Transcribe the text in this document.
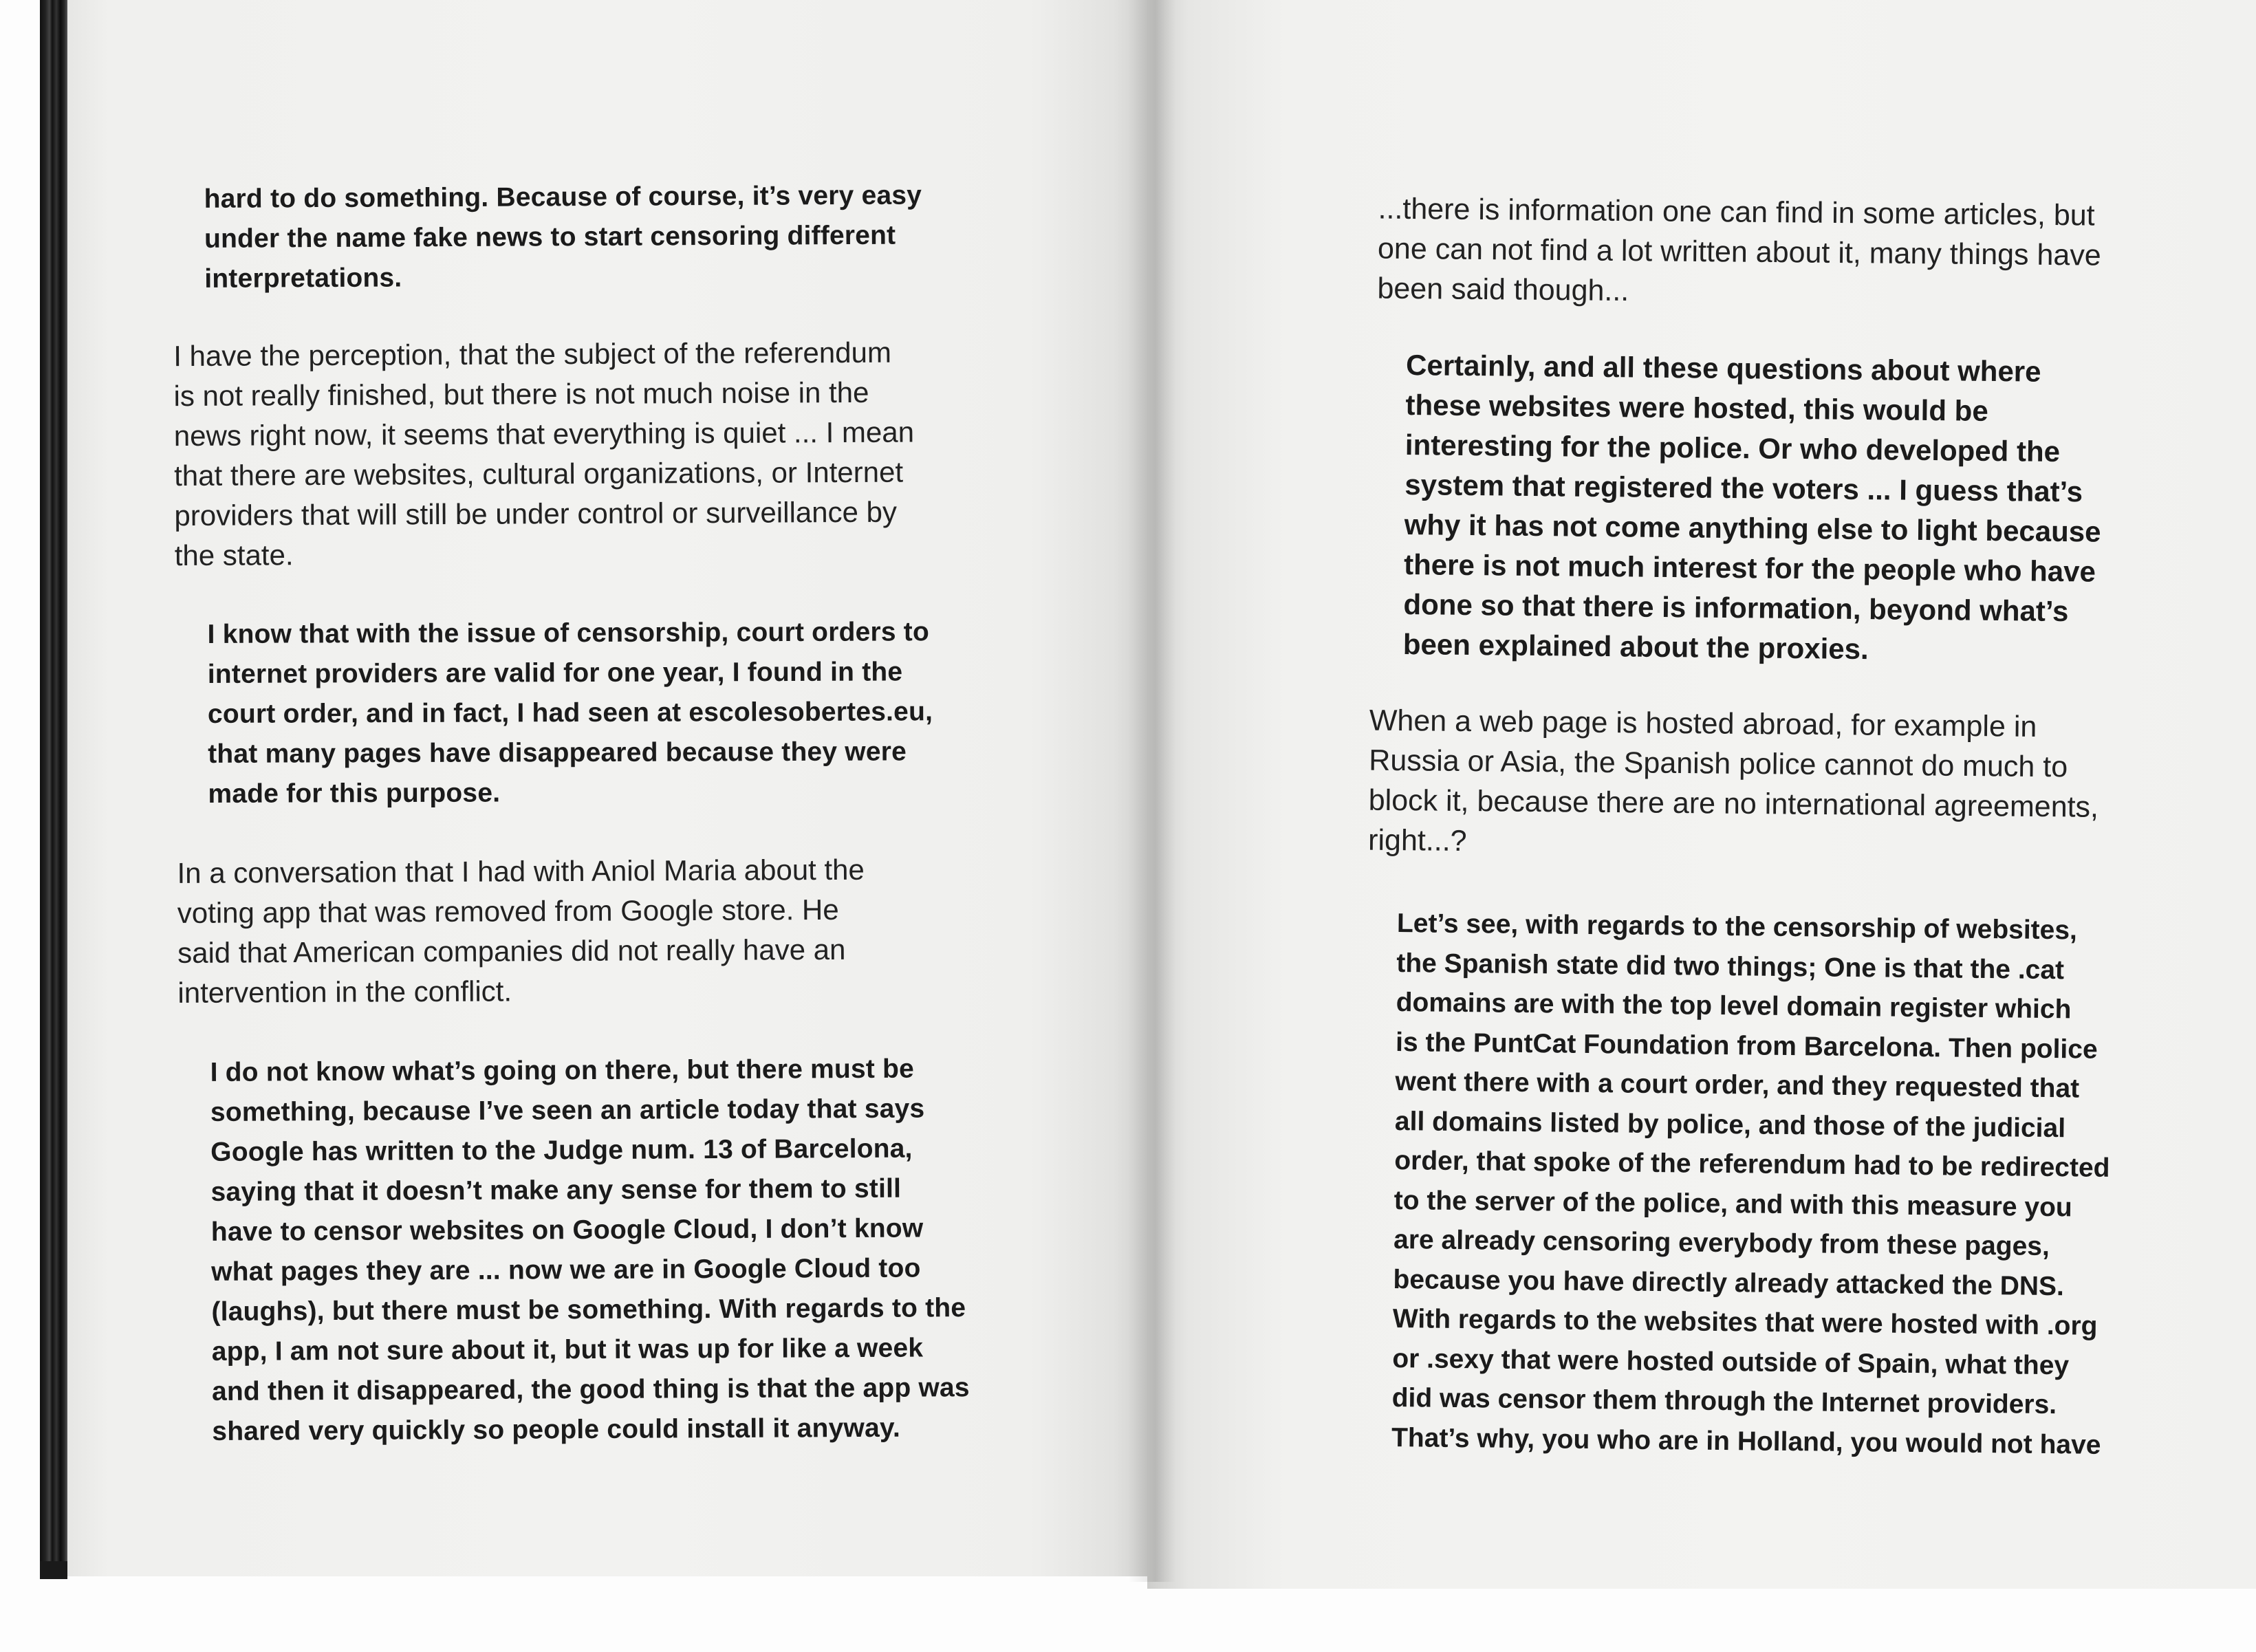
hard to do something. Because of course, it’s very easy
under the name fake news to start censoring different
interpretations.
I have the perception, that the subject of the referendum
is not really finished, but there is not much noise in the
news right now, it seems that everything is quiet ... I mean
that there are websites, cultural organizations, or Internet
providers that will still be under control or surveillance by
the state.
I know that with the issue of censorship, court orders to
internet providers are valid for one year, I found in the
court order, and in fact, I had seen at escolesobertes.eu,
that many pages have disappeared because they were
made for this purpose.
In a conversation that I had with Aniol Maria about the
voting app that was removed from Google store. He
said that American companies did not really have an
intervention in the conflict.
I do not know what’s going on there, but there must be
something, because I’ve seen an article today that says
Google has written to the Judge num. 13 of Barcelona,
saying that it doesn’t make any sense for them to still
have to censor websites on Google Cloud, I don’t know
what pages they are ... now we are in Google Cloud too
(laughs), but there must be something. With regards to the
app, I am not sure about it, but it was up for like a week
and then it disappeared, the good thing is that the app was
shared very quickly so people could install it anyway.
...there is information one can find in some articles, but
one can not find a lot written about it, many things have
been said though...
Certainly, and all these questions about where
these websites were hosted, this would be
interesting for the police. Or who developed the
system that registered the voters ... I guess that’s
why it has not come anything else to light because
there is not much interest for the people who have
done so that there is information, beyond what’s
been explained about the proxies.
When a web page is hosted abroad, for example in
Russia or Asia, the Spanish police cannot do much to
block it, because there are no international agreements,
right...?
Let’s see, with regards to the censorship of websites,
the Spanish state did two things; One is that the .cat
domains are with the top level domain register which
is the PuntCat Foundation from Barcelona. Then police
went there with a court order, and they requested that
all domains listed by police, and those of the judicial
order, that spoke of the referendum had to be redirected
to the server of the police, and with this measure you
are already censoring everybody from these pages,
because you have directly already attacked the DNS.
With regards to the websites that were hosted with .org
or .sexy that were hosted outside of Spain, what they
did was censor them through the Internet providers.
That’s why, you who are in Holland, you would not have
